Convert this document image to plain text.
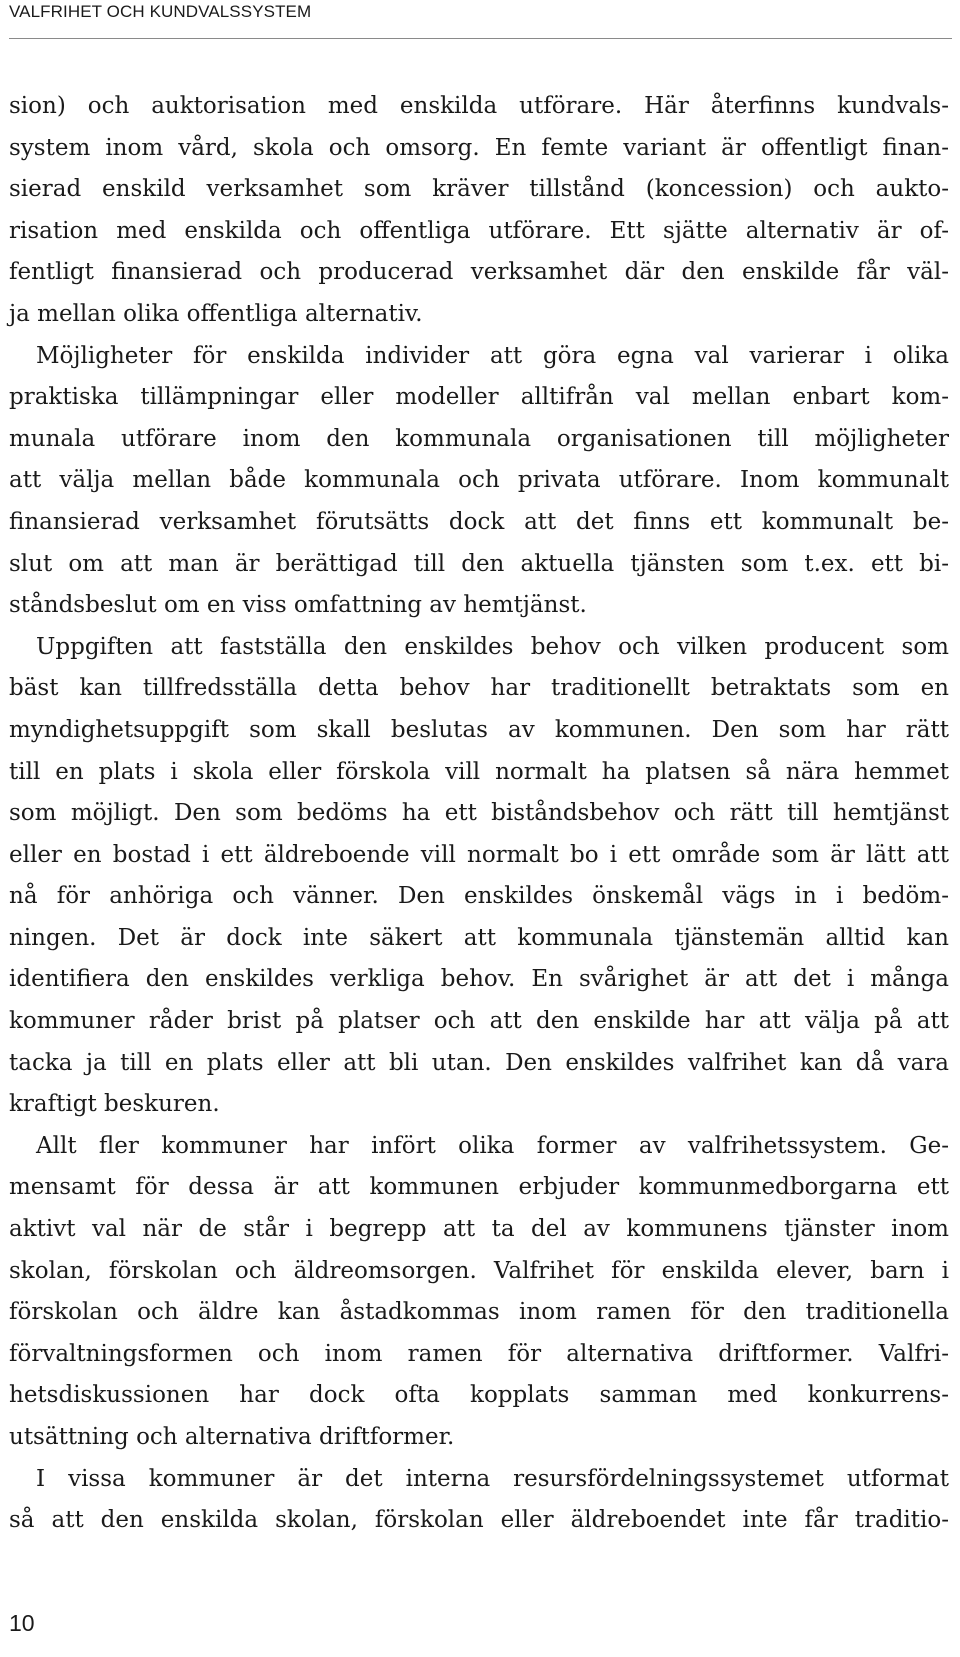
VALFRIHET OCH KUNDVALSSYSTEM

sion) och auktorisation med enskilda utförare. Här återfinns kundvals-
system inom vård, skola och omsorg. En femte variant är offentligt finan-
sierad enskild verksamhet som kräver tillstånd (koncession) och aukto-
risation med enskilda och offentliga utförare. Ett sjätte alternativ är of-
fentligt finansierad och producerad verksamhet där den enskilde får väl-
ja mellan olika offentliga alternativ.

Möjligheter för enskilda individer att göra egna val varierar i olika
praktiska tillämpningar eller modeller alltifrån val mellan enbart kom-
munala utförare inom den kommunala organisationen till möjligheter
att välja mellan både kommunala och privata utförare. Inom kommunalt
finansierad verksamhet förutsätts dock att det finns ett kommunalt be-
slut om att man är berättigad till den aktuella tjänsten som t.ex. ett bi-
ståndsbeslut om en viss omfattning av hemtjänst.

Uppgiften att fastställa den enskildes behov och vilken producent som
bäst kan tillfredsställa detta behov har traditionellt betraktats som en
myndighetsuppgift som skall beslutas av kommunen. Den som har rätt
till en plats i skola eller förskola vill normalt ha platsen så nära hemmet
som möjligt. Den som bedöms ha ett biståndsbehov och rätt till hemtjänst
eller en bostad i ett äldreboende vill normalt bo i ett område som är lätt att
nå för anhöriga och vänner. Den enskildes önskemål vägs in i bedöm-
ningen. Det är dock inte säkert att kommunala tjänstemän alltid kan
identifiera den enskildes verkliga behov. En svårighet är att det i många
kommuner råder brist på platser och att den enskilde har att välja på att
tacka ja till en plats eller att bli utan. Den enskildes valfrihet kan då vara
kraftigt beskuren.

Allt fler kommuner har infört olika former av valfrihetssystem. Ge-
mensamt för dessa är att kommunen erbjuder kommunmedborgarna ett
aktivt val när de står i begrepp att ta del av kommunens tjänster inom
skolan, förskolan och äldreomsorgen. Valfrihet för enskilda elever, barn i
förskolan och äldre kan åstadkommas inom ramen för den traditionella
förvaltningsformen och inom ramen för alternativa driftformer. Valfri-
hetsdiskussionen har dock ofta kopplats samman med konkurrens-
utsättning och alternativa driftformer.

I vissa kommuner är det interna resursfördelningssystemet utformat
så att den enskilda skolan, förskolan eller äldreboendet inte får traditio-

10
